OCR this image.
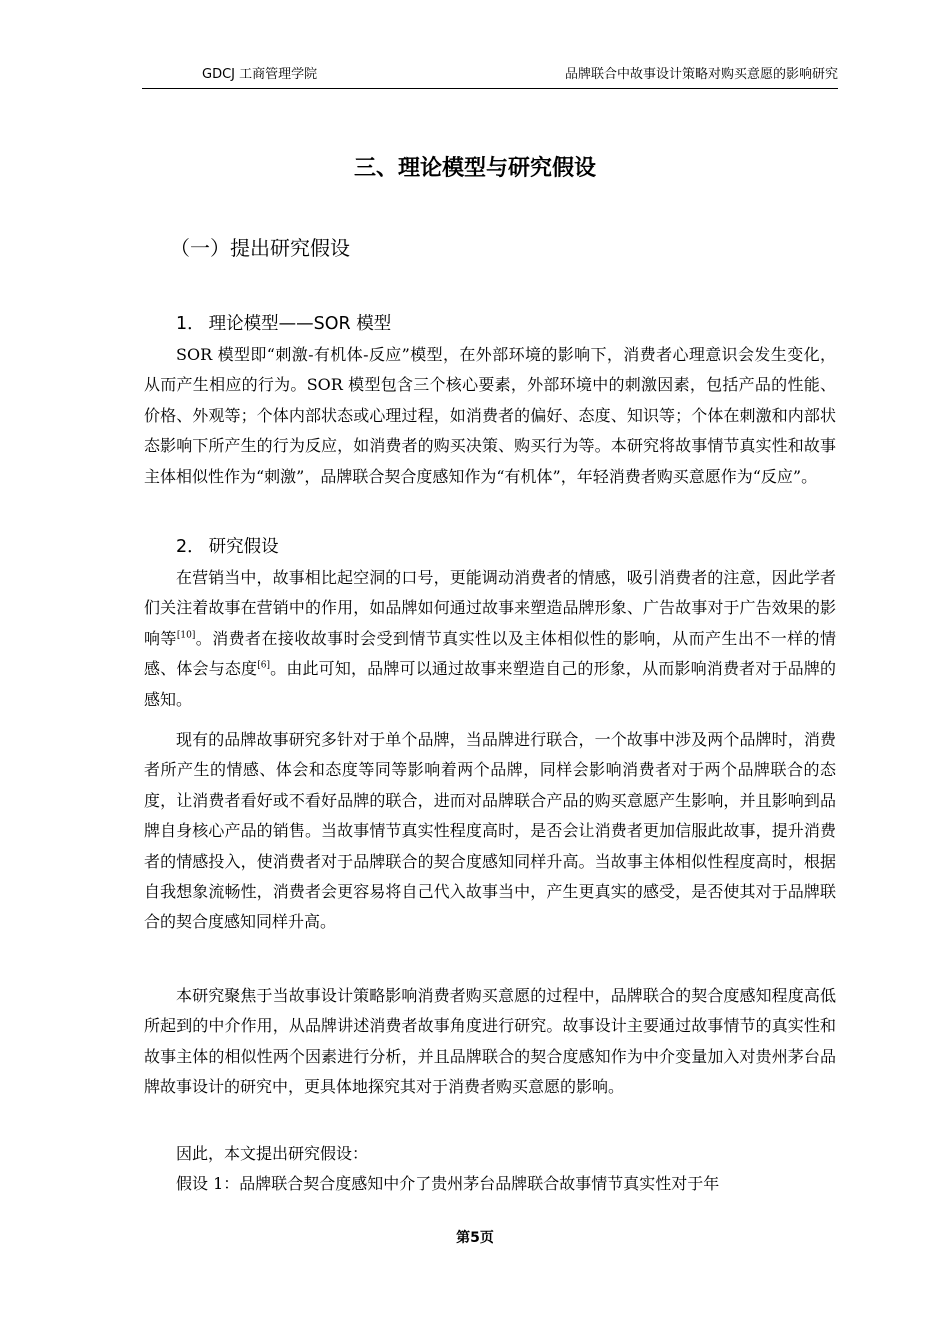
GDCJ 工商管理学院	品牌联合中故事设计策略对购买意愿的影响研究
三、理论模型与研究假设
（一）提出研究假设
1． 理论模型——SOR 模型

SOR 模型即“刺激-有机体-反应”模型，在外部环境的影响下，消费者心理意识会发生变化，从而产生相应的行为。SOR 模型包含三个核心要素，外部环境中的刺激因素，包括产品的性能、价格、外观等；个体内部状态或心理过程，如消费者的偏好、态度、知识等；个体在刺激和内部状态影响下所产生的行为反应，如消费者的购买决策、购买行为等。本研究将故事情节真实性和故事主体相似性作为“刺激”，品牌联合契合度感知作为“有机体”，年轻消费者购买意愿作为“反应”。

2． 研究假设

在营销当中，故事相比起空洞的口号，更能调动消费者的情感，吸引消费者的注意，因此学者们关注着故事在营销中的作用，如品牌如何通过故事来塑造品牌形象、广告故事对于广告效果的影响等[10]。消费者在接收故事时会受到情节真实性以及主体相似性的影响，从而产生出不一样的情感、体会与态度[6]。由此可知，品牌可以通过故事来塑造自己的形象，从而影响消费者对于品牌的感知。

现有的品牌故事研究多针对于单个品牌，当品牌进行联合，一个故事中涉及两个品牌时，消费者所产生的情感、体会和态度等同等影响着两个品牌，同样会影响消费者对于两个品牌联合的态度，让消费者看好或不看好品牌的联合，进而对品牌联合产品的购买意愿产生影响，并且影响到品牌自身核心产品的销售。当故事情节真实性程度高时，是否会让消费者更加信服此故事，提升消费者的情感投入，使消费者对于品牌联合的契合度感知同样升高。当故事主体相似性程度高时，根据自我想象流畅性，消费者会更容易将自己代入故事当中，产生更真实的感受，是否使其对于品牌联合的契合度感知同样升高。

本研究聚焦于当故事设计策略影响消费者购买意愿的过程中，品牌联合的契合度感知程度高低所起到的中介作用，从品牌讲述消费者故事角度进行研究。故事设计主要通过故事情节的真实性和故事主体的相似性两个因素进行分析，并且品牌联合的契合度感知作为中介变量加入对贵州茅台品牌故事设计的研究中，更具体地探究其对于消费者购买意愿的影响。

因此，本文提出研究假设：

假设 1：品牌联合契合度感知中介了贵州茅台品牌联合故事情节真实性对于年

第5页
